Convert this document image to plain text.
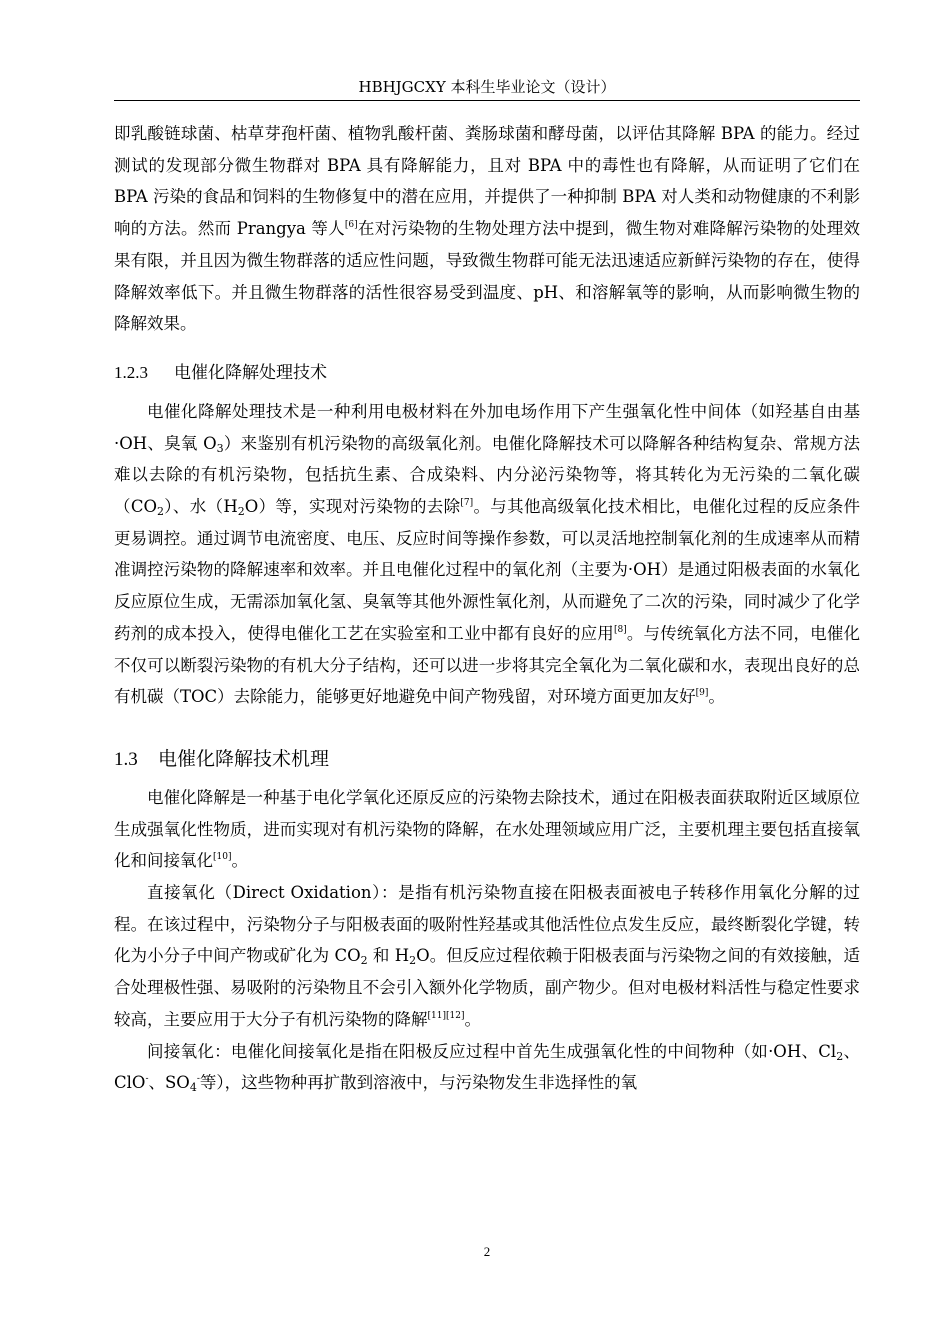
HBHJGCXY 本科生毕业论文（设计）

即乳酸链球菌、枯草芽孢杆菌、植物乳酸杆菌、粪肠球菌和酵母菌，以评估其降解 BPA 的能力。经过测试的发现部分微生物群对 BPA 具有降解能力，且对 BPA 中的毒性也有降解，从而证明了它们在 BPA 污染的食品和饲料的生物修复中的潜在应用，并提供了一种抑制 BPA 对人类和动物健康的不利影响的方法。然而 Prangya 等人[6]在对污染物的生物处理方法中提到，微生物对难降解污染物的处理效果有限，并且因为微生物群落的适应性问题，导致微生物群可能无法迅速适应新鲜污染物的存在，使得降解效率低下。并且微生物群落的活性很容易受到温度、pH、和溶解氧等的影响，从而影响微生物的降解效果。

1.2.3 电催化降解处理技术

电催化降解处理技术是一种利用电极材料在外加电场作用下产生强氧化性中间体（如羟基自由基·OH、臭氧 $O_3$）来鉴别有机污染物的高级氧化剂。电催化降解技术可以降解各种结构复杂、常规方法难以去除的有机污染物，包括抗生素、合成染料、内分泌污染物等，将其转化为无污染的二氧化碳$(CO_2)$、水$(H_2O)$等，实现对污染物的去除[7]。与其他高级氧化技术相比，电催化过程的反应条件更易调控。通过调节电流密度、电压、反应时间等操作参数，可以灵活地控制氧化剂的生成速率从而精准调控污染物的降解速率和效率。并且电催化过程中的氧化剂（主要为·OH）是通过阳极表面的水氧化反应原位生成，无需添加氧化氢、臭氧等其他外源性氧化剂，从而避免了二次的污染，同时减少了化学药剂的成本投入，使得电催化工艺在实验室和工业中都有良好的应用[8]。与传统氧化方法不同，电催化不仅可以断裂污染物的有机大分子结构，还可以进一步将其完全氧化为二氧化碳和水，表现出良好的总有机碳（TOC）去除能力，能够更好地避免中间产物残留，对环境方面更加友好[9]。

1.3 电催化降解技术机理

电催化降解是一种基于电化学氧化还原反应的污染物去除技术，通过在阳极表面获取附近区域原位生成强氧化性物质，进而实现对有机污染物的降解，在水处理领域应用广泛，主要机理主要包括直接氧化和间接氧化[10]。

直接氧化（Direct Oxidation）：是指有机污染物直接在阳极表面被电子转移作用氧化分解的过程。在该过程中，污染物分子与阳极表面的吸附性羟基或其他活性位点发生反应，最终断裂化学键，转化为小分子中间产物或矿化为 $CO_2$ 和 $H_2O$。但反应过程依赖于阳极表面与污染物之间的有效接触，适合处理极性强、易吸附的污染物且不会引入额外化学物质，副产物少。但对电极材料活性与稳定性要求较高，主要应用于大分子有机污染物的降解[11][12]。

间接氧化：电催化间接氧化是指在阳极反应过程中首先生成强氧化性的中间物种（如·OH、$Cl_2$、ClO-、$SO_4^-$等），这些物种再扩散到溶液中，与污染物发生非选择性的氧

2
